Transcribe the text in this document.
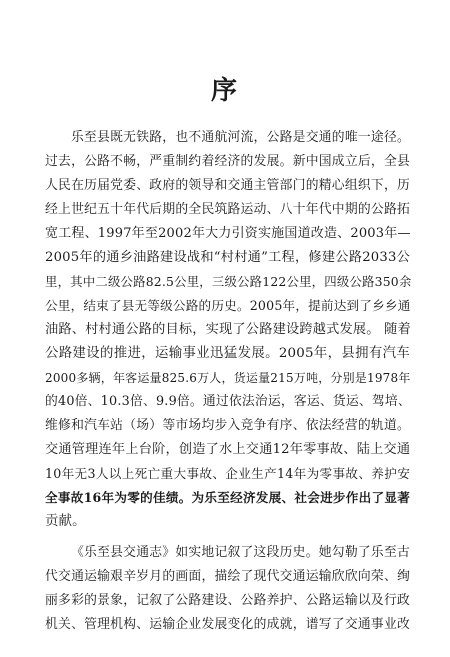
序
乐至县既无铁路，也不通航河流，公路是交通的唯一途径。
过去，公路不畅，严重制约着经济的发展。新中国成立后，全县
人民在历届党委、政府的领导和交通主管部门的精心组织下，历
经上世纪五十年代后期的全民筑路运动、八十年代中期的公路拓
宽工程、1997年至2002年大力引资实施国道改造、2003年—
2005年的通乡油路建设战和“村村通”工程，修建公路2033公
里，其中二级公路82.5公里，三级公路122公里，四级公路350余
公里，结束了县无等级公路的历史。2005年，提前达到了乡乡通
油路、村村通公路的目标，实现了公路建设跨越式发展。 随着
公路建设的推进，运输事业迅猛发展。2005年，县拥有汽车
2000多辆，年客运量825.6万人，货运量215万吨，分别是1978年
的40倍、10.3倍、9.9倍。通过依法治运，客运、货运、驾培、
维修和汽车站（场）等市场均步入竞争有序、依法经营的轨道。
交通管理连年上台阶，创造了水上交通12年零事故、陆上交通
10年无3人以上死亡重大事故、企业生产14年为零事故、养护安
全事故16年为零的佳绩。为乐至经济发展、社会进步作出了显著
贡献。
《乐至县交通志》如实地记叙了这段历史。她勾勒了乐至古
代交通运输艰辛岁月的画面，描绘了现代交通运输欣欣向荣、绚
丽多彩的景象，记叙了公路建设、公路养护、公路运输以及行政
机关、管理机构、运输企业发展变化的成就，谱写了交通事业改
